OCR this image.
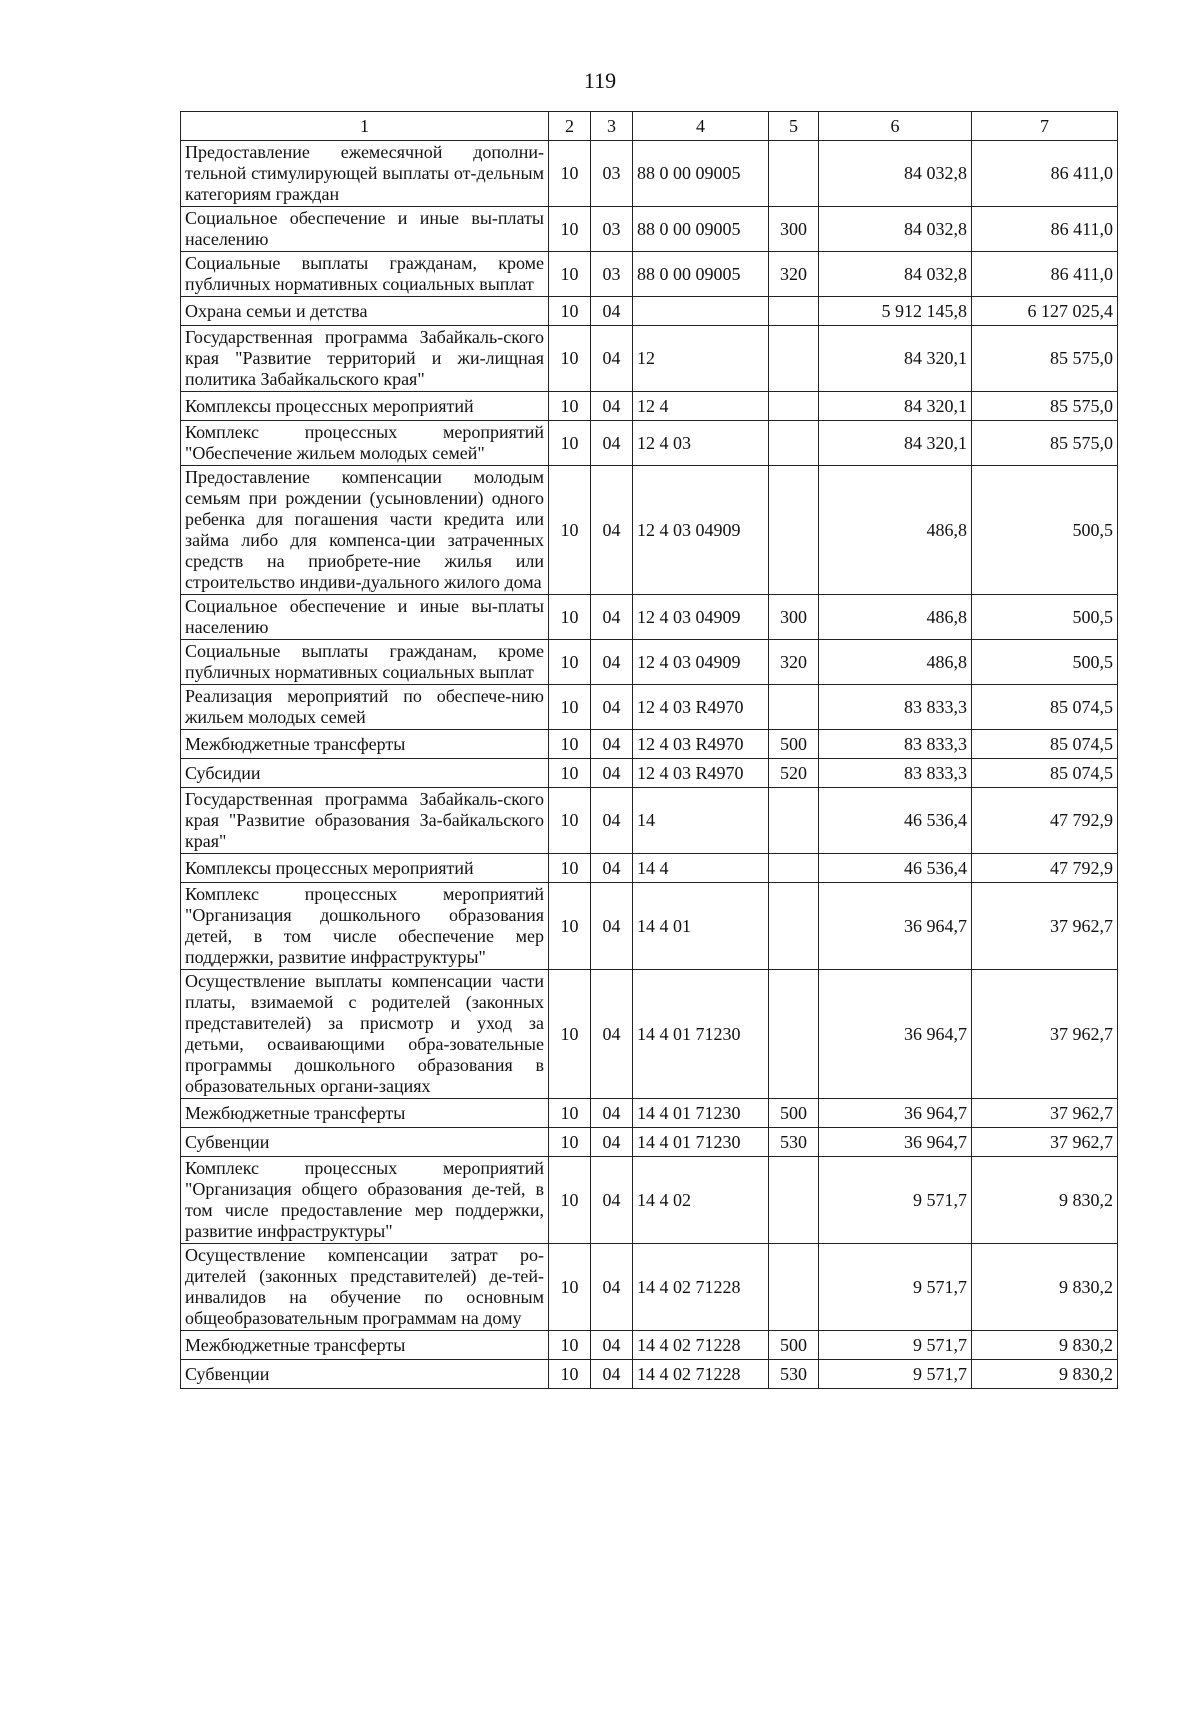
119
1	2	3	4	5	6	7
Предоставление ежемесячной дополни-тельной стимулирующей выплаты от-дельным категориям граждан	10	03	88 0 00 09005		84 032,8	86 411,0
Социальное обеспечение и иные вы-платы населению	10	03	88 0 00 09005	300	84 032,8	86 411,0
Социальные выплаты гражданам, кроме публичных нормативных социальных выплат	10	03	88 0 00 09005	320	84 032,8	86 411,0
Охрана семьи и детства	10	04			5 912 145,8	6 127 025,4
Государственная программа Забайкаль-ского края "Развитие территорий и жи-лищная политика Забайкальского края"	10	04	12		84 320,1	85 575,0
Комплексы процессных мероприятий	10	04	12 4		84 320,1	85 575,0
Комплекс процессных мероприятий "Обеспечение жильем молодых семей"	10	04	12 4 03		84 320,1	85 575,0
Предоставление компенсации молодым семьям при рождении (усыновлении) одного ребенка для погашения части кредита или займа либо для компенса-ции затраченных средств на приобрете-ние жилья или строительство индиви-дуального жилого дома	10	04	12 4 03 04909		486,8	500,5
Социальное обеспечение и иные вы-платы населению	10	04	12 4 03 04909	300	486,8	500,5
Социальные выплаты гражданам, кроме публичных нормативных социальных выплат	10	04	12 4 03 04909	320	486,8	500,5
Реализация мероприятий по обеспече-нию жильем молодых семей	10	04	12 4 03 R4970		83 833,3	85 074,5
Межбюджетные трансферты	10	04	12 4 03 R4970	500	83 833,3	85 074,5
Субсидии	10	04	12 4 03 R4970	520	83 833,3	85 074,5
Государственная программа Забайкаль-ского края "Развитие образования За-байкальского края"	10	04	14		46 536,4	47 792,9
Комплексы процессных мероприятий	10	04	14 4		46 536,4	47 792,9
Комплекс процессных мероприятий "Организация дошкольного образования детей, в том числе обеспечение мер поддержки, развитие инфраструктуры"	10	04	14 4 01		36 964,7	37 962,7
Осуществление выплаты компенсации части платы, взимаемой с родителей (законных представителей) за присмотр и уход за детьми, осваивающими обра-зовательные программы дошкольного образования в образовательных органи-зациях	10	04	14 4 01 71230		36 964,7	37 962,7
Межбюджетные трансферты	10	04	14 4 01 71230	500	36 964,7	37 962,7
Субвенции	10	04	14 4 01 71230	530	36 964,7	37 962,7
Комплекс процессных мероприятий "Организация общего образования де-тей, в том числе предоставление мер поддержки, развитие инфраструктуры"	10	04	14 4 02		9 571,7	9 830,2
Осуществление компенсации затрат ро-дителей (законных представителей) де-тей-инвалидов на обучение по основным общеобразовательным программам на дому	10	04	14 4 02 71228		9 571,7	9 830,2
Межбюджетные трансферты	10	04	14 4 02 71228	500	9 571,7	9 830,2
Субвенции	10	04	14 4 02 71228	530	9 571,7	9 830,2
